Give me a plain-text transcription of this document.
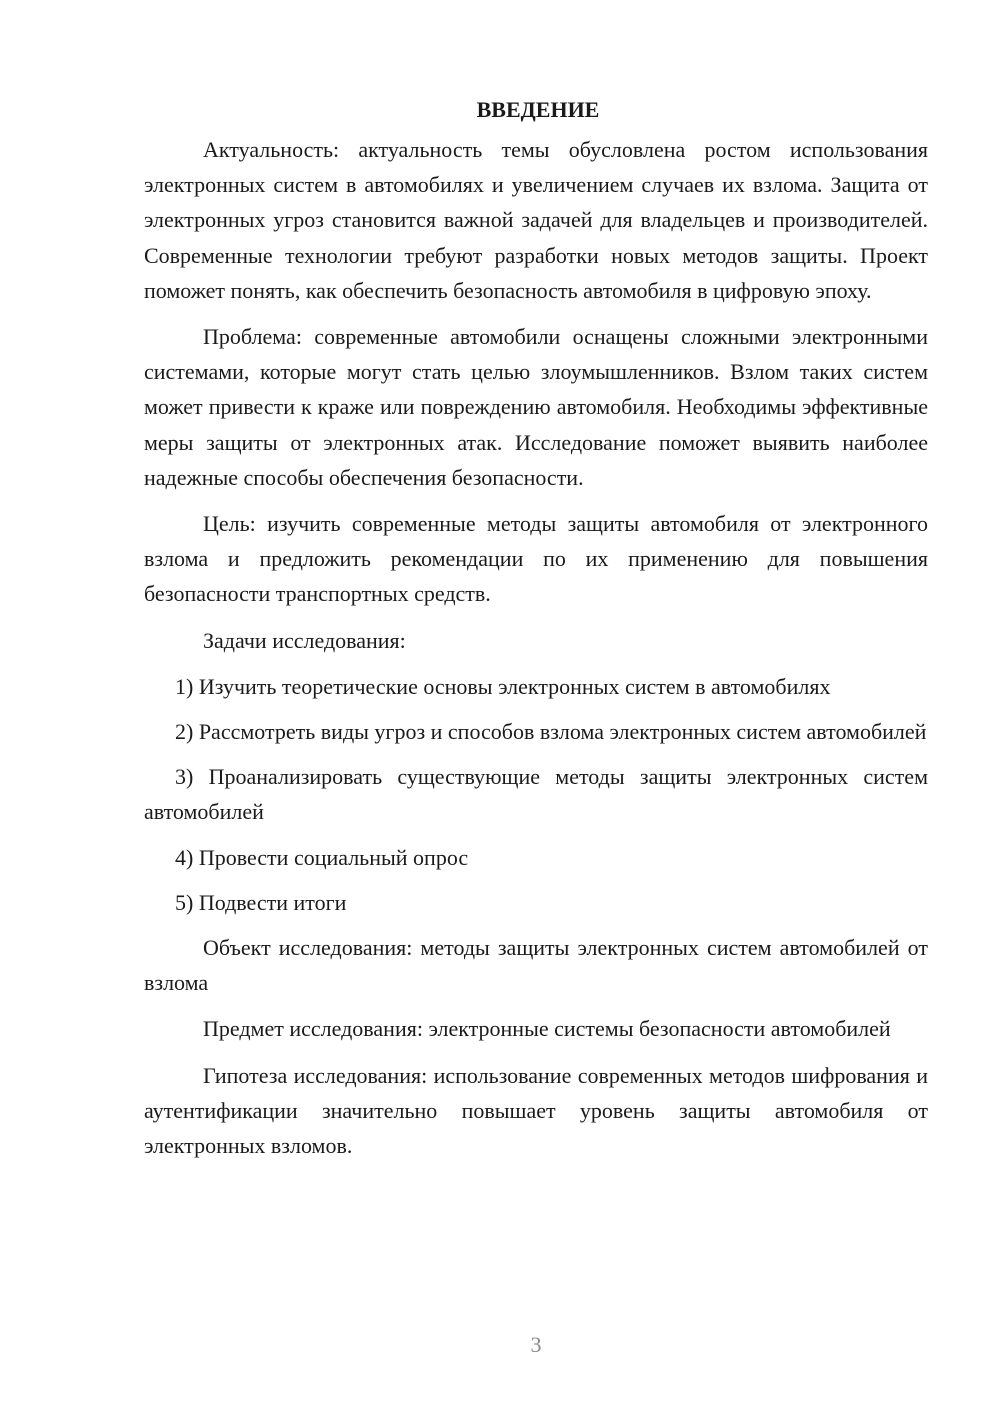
ВВЕДЕНИЕ

Актуальность: актуальность темы обусловлена ростом использования электронных систем в автомобилях и увеличением случаев их взлома. Защита от электронных угроз становится важной задачей для владельцев и производителей. Современные технологии требуют разработки новых методов защиты. Проект поможет понять, как обеспечить безопасность автомобиля в цифровую эпоху.

Проблема: современные автомобили оснащены сложными электронными системами, которые могут стать целью злоумышленников. Взлом таких систем может привести к краже или повреждению автомобиля. Необходимы эффективные меры защиты от электронных атак. Исследование поможет выявить наиболее надежные способы обеспечения безопасности.

Цель: изучить современные методы защиты автомобиля от электронного взлома и предложить рекомендации по их применению для повышения безопасности транспортных средств.

Задачи исследования:

1) Изучить теоретические основы электронных систем в автомобилях

2) Рассмотреть виды угроз и способов взлома электронных систем автомобилей

3) Проанализировать существующие методы защиты электронных систем автомобилей

4) Провести социальный опрос

5) Подвести итоги

Объект исследования: методы защиты электронных систем автомобилей от взлома

Предмет исследования: электронные системы безопасности автомобилей

Гипотеза исследования: использование современных методов шифрования и аутентификации значительно повышает уровень защиты автомобиля от электронных взломов.

3
